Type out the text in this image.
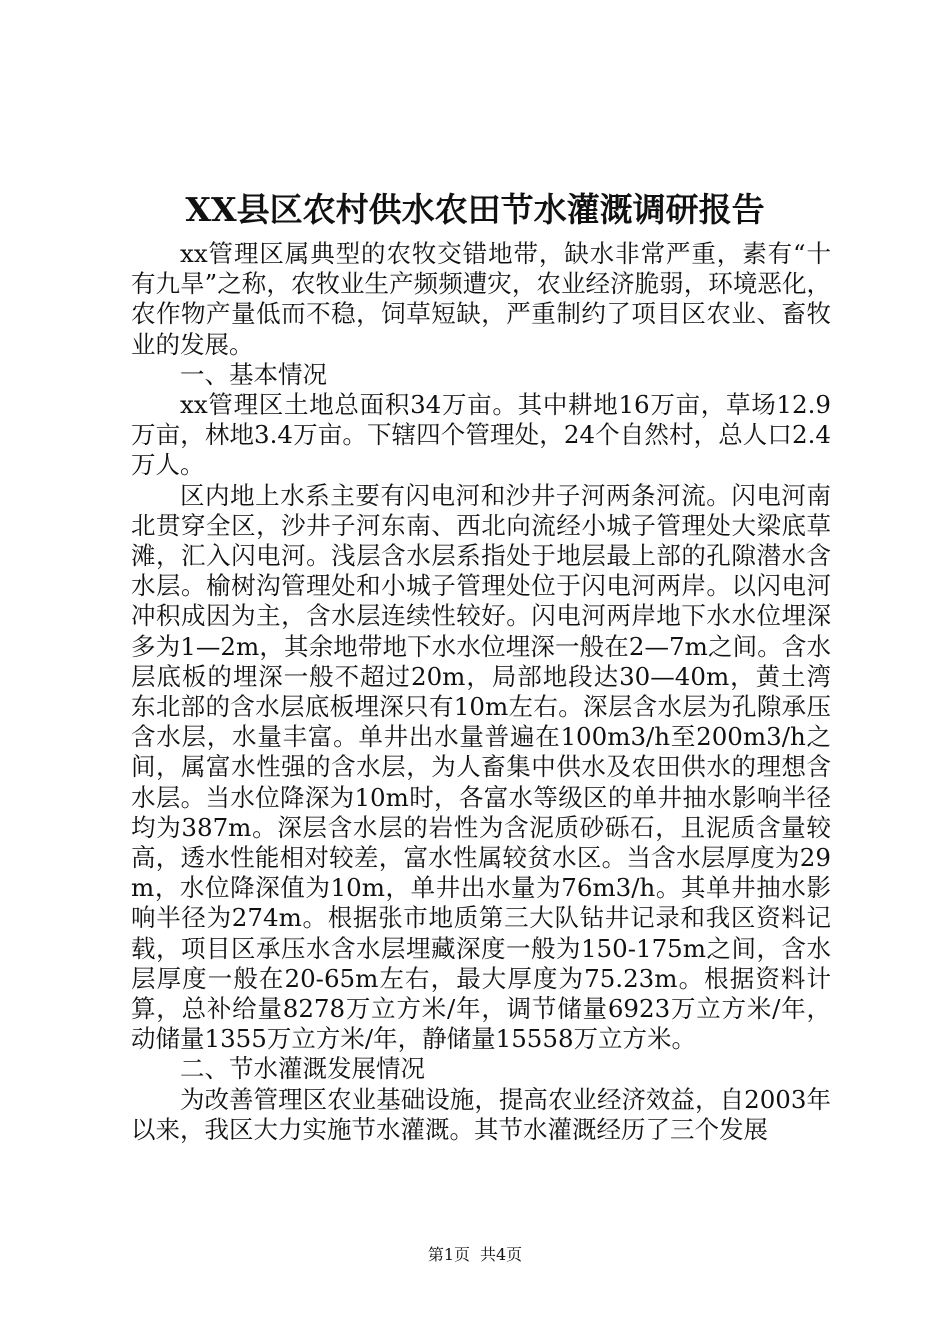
XX县区农村供水农田节水灌溉调研报告

xx管理区属典型的农牧交错地带，缺水非常严重，素有“十有九旱”之称，农牧业生产频频遭灾，农业经济脆弱，环境恶化，农作物产量低而不稳，饲草短缺，严重制约了项目区农业、畜牧业的发展。

一、基本情况

xx管理区土地总面积34万亩。其中耕地16万亩，草场12.9万亩，林地3.4万亩。下辖四个管理处，24个自然村，总人口2.4万人。

区内地上水系主要有闪电河和沙井子河两条河流。闪电河南北贯穿全区，沙井子河东南、西北向流经小城子管理处大梁底草滩，汇入闪电河。浅层含水层系指处于地层最上部的孔隙潜水含水层。榆树沟管理处和小城子管理处位于闪电河两岸。以闪电河冲积成因为主，含水层连续性较好。闪电河两岸地下水水位埋深多为1—2m，其余地带地下水水位埋深一般在2—7m之间。含水层底板的埋深一般不超过20m，局部地段达30—40m，黄土湾东北部的含水层底板埋深只有10m左右。深层含水层为孔隙承压含水层，水量丰富。单井出水量普遍在100m3/h至200m3/h之间，属富水性强的含水层，为人畜集中供水及农田供水的理想含水层。当水位降深为10m时，各富水等级区的单井抽水影响半径均为387m。深层含水层的岩性为含泥质砂砾石，且泥质含量较高，透水性能相对较差，富水性属较贫水区。当含水层厚度为29m，水位降深值为10m，单井出水量为76m3/h。其单井抽水影响半径为274m。根据张市地质第三大队钻井记录和我区资料记载，项目区承压水含水层埋藏深度一般为150-175m之间，含水层厚度一般在20-65m左右，最大厚度为75.23m。根据资料计算，总补给量8278万立方米/年，调节储量6923万立方米/年，动储量1355万立方米/年，静储量15558万立方米。

二、节水灌溉发展情况

为改善管理区农业基础设施，提高农业经济效益，自2003年以来，我区大力实施节水灌溉。其节水灌溉经历了三个发展

第1页 共4页
